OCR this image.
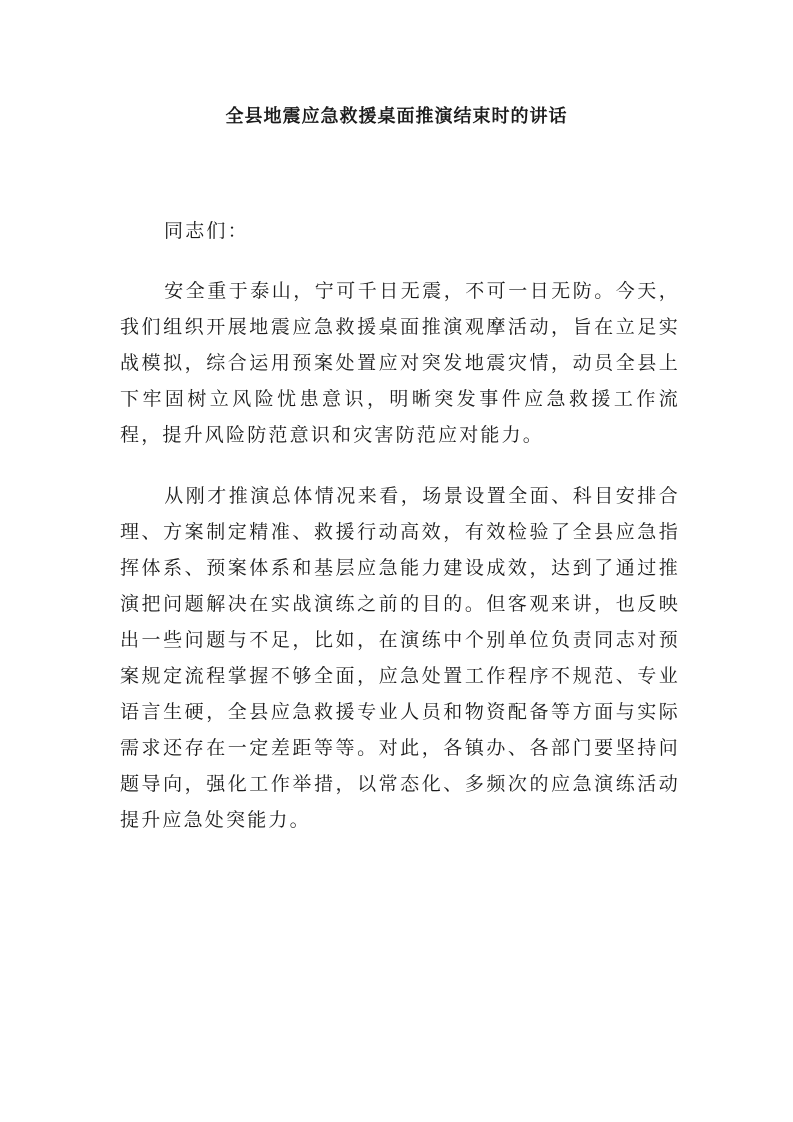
全县地震应急救援桌面推演结束时的讲话

同志们：

安全重于泰山，宁可千日无震，不可一日无防。今天，我们组织开展地震应急救援桌面推演观摩活动，旨在立足实战模拟，综合运用预案处置应对突发地震灾情，动员全县上下牢固树立风险忧患意识，明晰突发事件应急救援工作流程，提升风险防范意识和灾害防范应对能力。

从刚才推演总体情况来看，场景设置全面、科目安排合理、方案制定精准、救援行动高效，有效检验了全县应急指挥体系、预案体系和基层应急能力建设成效，达到了通过推演把问题解决在实战演练之前的目的。但客观来讲，也反映出一些问题与不足，比如，在演练中个别单位负责同志对预案规定流程掌握不够全面，应急处置工作程序不规范、专业语言生硬，全县应急救援专业人员和物资配备等方面与实际需求还存在一定差距等等。对此，各镇办、各部门要坚持问题导向，强化工作举措，以常态化、多频次的应急演练活动提升应急处突能力。
